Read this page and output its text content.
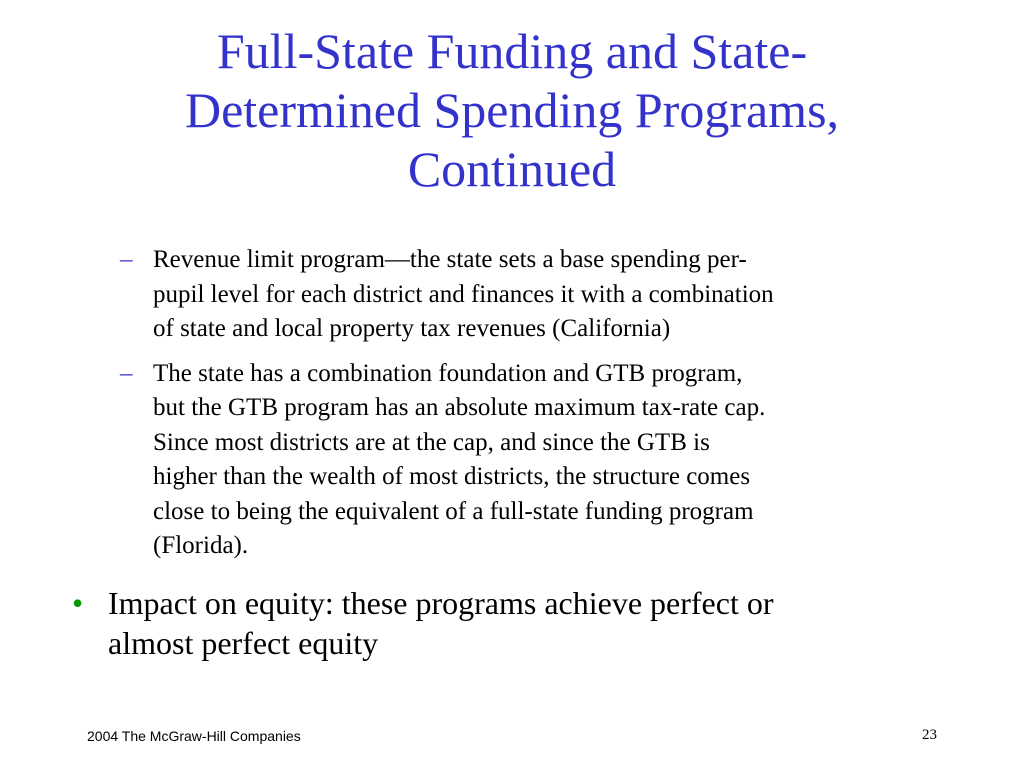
Full-State Funding and State-
Determined Spending Programs,
Continued
– Revenue limit program—the state sets a base spending per-
pupil level for each district and finances it with a combination
of state and local property tax revenues (California)
– The state has a combination foundation and GTB program,
but the GTB program has an absolute maximum tax-rate cap.
Since most districts are at the cap, and since the GTB is
higher than the wealth of most districts, the structure comes
close to being the equivalent of a full-state funding program
(Florida).
• Impact on equity: these programs achieve perfect or
almost perfect equity
2004 The McGraw-Hill Companies	23
